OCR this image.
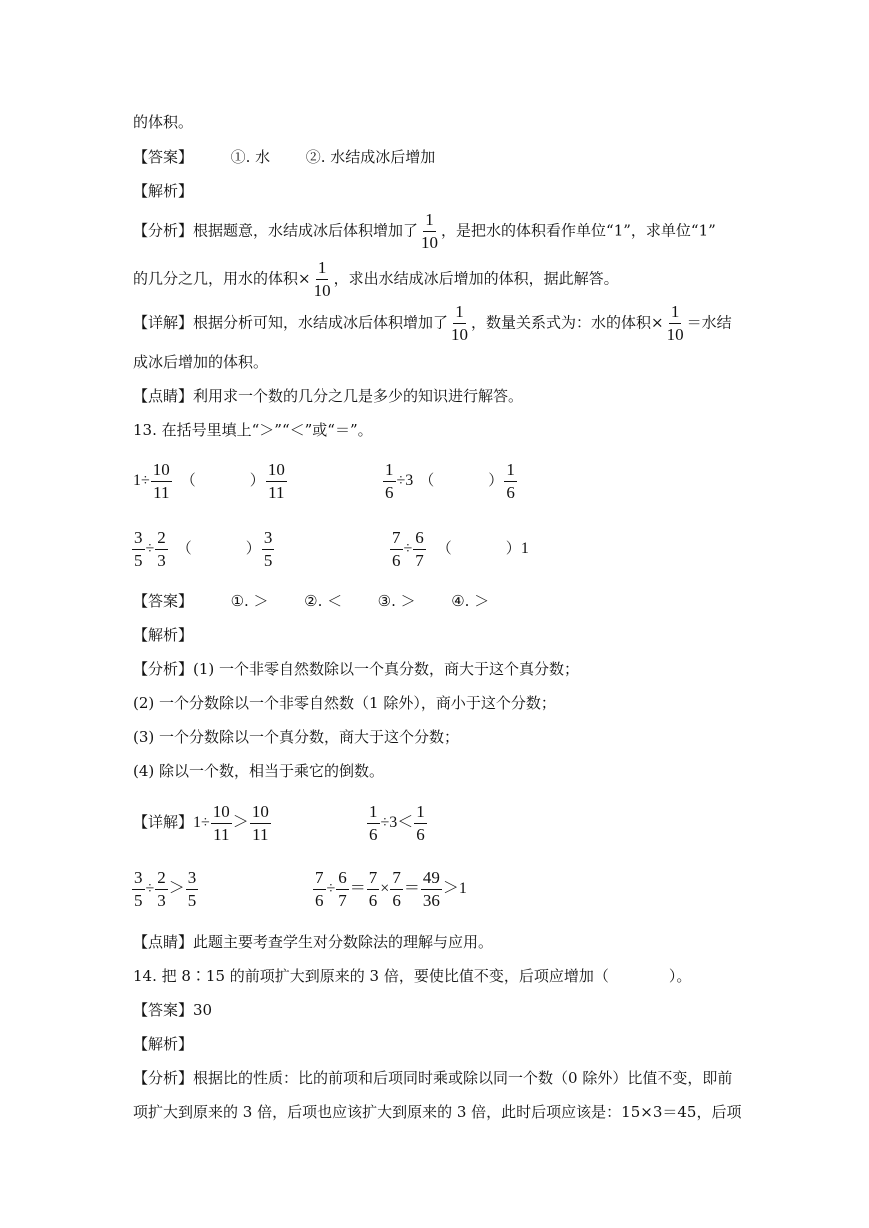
的体积。
【答案】	①. 水 ②. 水结成冰后增加
【解析】
【分析】根据题意，水结成冰后体积增加了 $\frac{1}{10}$ ，是把水的体积看作单位“1”，求单位“1”
的几分之几，用水的体积× $\frac{1}{10}$ ，求出水结成冰后增加的体积，据此解答。
【详解】根据分析可知，水结成冰后体积增加了 $\frac{1}{10}$ ，数量关系式为：水的体积× $\frac{1}{10}$ ＝水结
成冰后增加的体积。
【点睛】利用求一个数的几分之几是多少的知识进行解答。
13. 在括号里填上“＞”“＜”或“＝”。
$1\div \frac{10}{11}$ （	） $\frac{10}{11}$	$\frac{1}{6} \div 3$ （	） $\frac{1}{6}$
$\frac{3}{5} \div \frac{2}{3}$ （	） $\frac{3}{5}$	$\frac{7}{6} \div \frac{6}{7}$ （	）1
【答案】	①. ＞ ②. ＜ ③. ＞ ④. ＞
【解析】
【分析】(1) 一个非零自然数除以一个真分数，商大于这个真分数；
(2) 一个分数除以一个非零自然数（1 除外），商小于这个分数；
(3) 一个分数除以一个真分数，商大于这个分数；
(4) 除以一个数，相当于乘它的倒数。
【详解】$1\div \frac{10}{11} > \frac{10}{11}$	$\frac{1}{6} \div 3< \frac{1}{6}$
$\frac{3}{5} \div \frac{2}{3} > \frac{3}{5}$	$\frac{7}{6} \div \frac{6}{7} = \frac{7}{6} \times \frac{7}{6} = \frac{49}{36} >1$
【点睛】此题主要考查学生对分数除法的理解与应用。
14. 把 8∶15 的前项扩大到原来的 3 倍，要使比值不变，后项应增加（　　　　）。
【答案】30
【解析】
【分析】根据比的性质：比的前项和后项同时乘或除以同一个数（0 除外）比值不变，即前
项扩大到原来的 3 倍，后项也应该扩大到原来的 3 倍，此时后项应该是：15×3＝45，后项
